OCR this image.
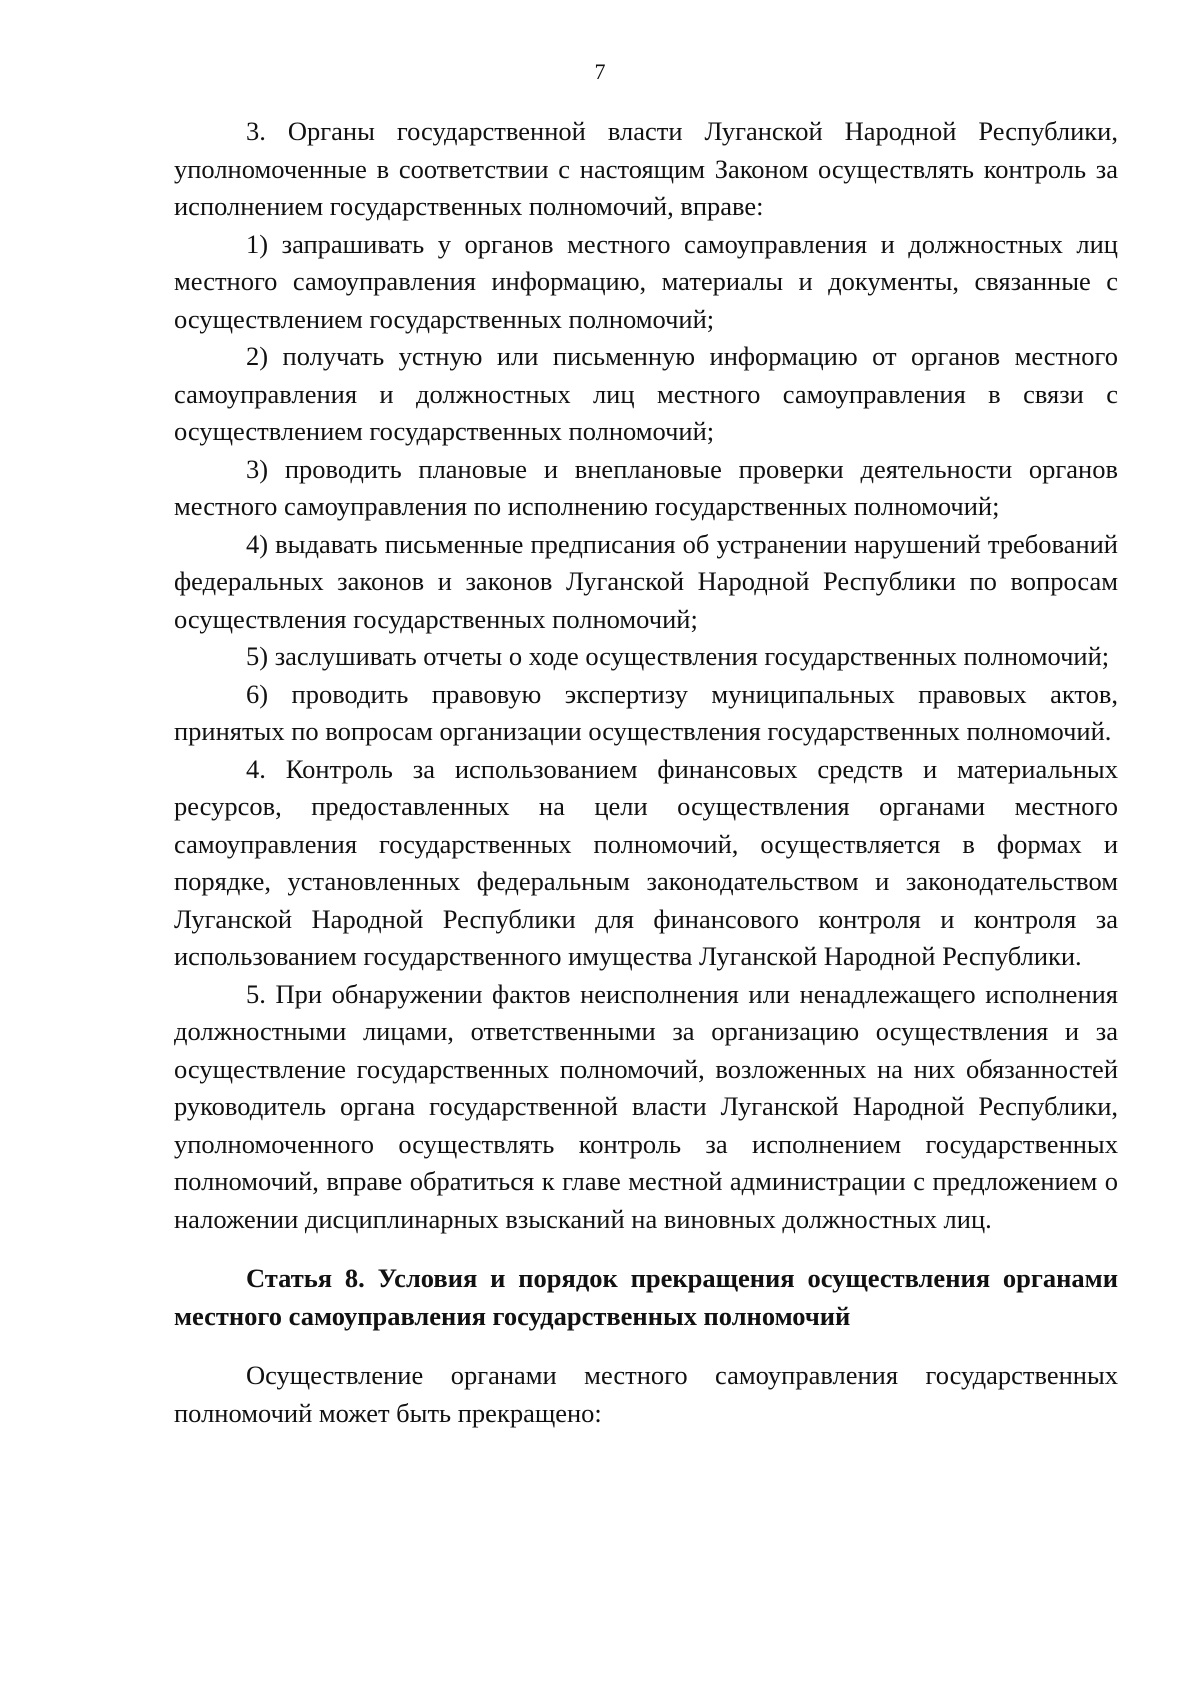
7

3. Органы государственной власти Луганской Народной Республики, уполномоченные в соответствии с настоящим Законом осуществлять контроль за исполнением государственных полномочий, вправе:

1) запрашивать у органов местного самоуправления и должностных лиц местного самоуправления информацию, материалы и документы, связанные с осуществлением государственных полномочий;

2) получать устную или письменную информацию от органов местного самоуправления и должностных лиц местного самоуправления в связи с осуществлением государственных полномочий;

3) проводить плановые и внеплановые проверки деятельности органов местного самоуправления по исполнению государственных полномочий;

4) выдавать письменные предписания об устранении нарушений требований федеральных законов и законов Луганской Народной Республики по вопросам осуществления государственных полномочий;

5) заслушивать отчеты о ходе осуществления государственных полномочий;

6) проводить правовую экспертизу муниципальных правовых актов, принятых по вопросам организации осуществления государственных полномочий.

4. Контроль за использованием финансовых средств и материальных ресурсов, предоставленных на цели осуществления органами местного самоуправления государственных полномочий, осуществляется в формах и порядке, установленных федеральным законодательством и законодательством Луганской Народной Республики для финансового контроля и контроля за использованием государственного имущества Луганской Народной Республики.

5. При обнаружении фактов неисполнения или ненадлежащего исполнения должностными лицами, ответственными за организацию осуществления и за осуществление государственных полномочий, возложенных на них обязанностей руководитель органа государственной власти Луганской Народной Республики, уполномоченного осуществлять контроль за исполнением государственных полномочий, вправе обратиться к главе местной администрации с предложением о наложении дисциплинарных взысканий на виновных должностных лиц.

Статья 8. Условия и порядок прекращения осуществления органами местного самоуправления государственных полномочий

Осуществление органами местного самоуправления государственных полномочий может быть прекращено:
